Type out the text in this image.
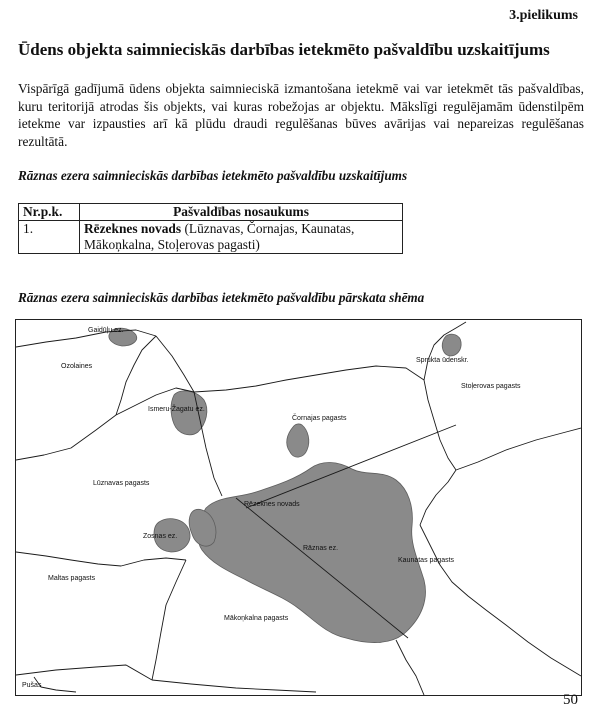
3.pielikums
Ūdens objekta saimnieciskās darbības ietekmēto pašvaldību uzskaitījums

Vispārīgā gadījumā ūdens objekta saimnieciskā izmantošana ietekmē vai var ietekmēt tās pašvaldības, kuru teritorijā atrodas šis objekts, vai kuras robežojas ar objektu. Mākslīgi regulējamām ūdenstilpēm ietekme var izpausties arī kā plūdu draudi regulēšanas būves avārijas vai nepareizas regulēšanas rezultātā.

Rāznas ezera saimnieciskās darbības ietekmēto pašvaldību uzskaitījums
Nr.p.k.	Pašvaldības nosaukums
1.	Rēzeknes novads (Lūznavas, Čornajas, Kaunatas, Mākoņkalna, Stoļerovas pagasti)
Rāznas ezera saimnieciskās darbības ietekmēto pašvaldību pārskata shēma
Gaidūļu ez.
Ozolaines
Sprukta ūdenskr.
Stoļerovas pagasts
Ismeru-Žagatu ez.
Čornajas pagasts
Lūznavas pagasts
Rēzeknes novads
Zosnas ez.
Rāznas ez.
Kaunatas pagasts
Maltas pagasts
Mākoņkalna pagasts
Pušas
50
